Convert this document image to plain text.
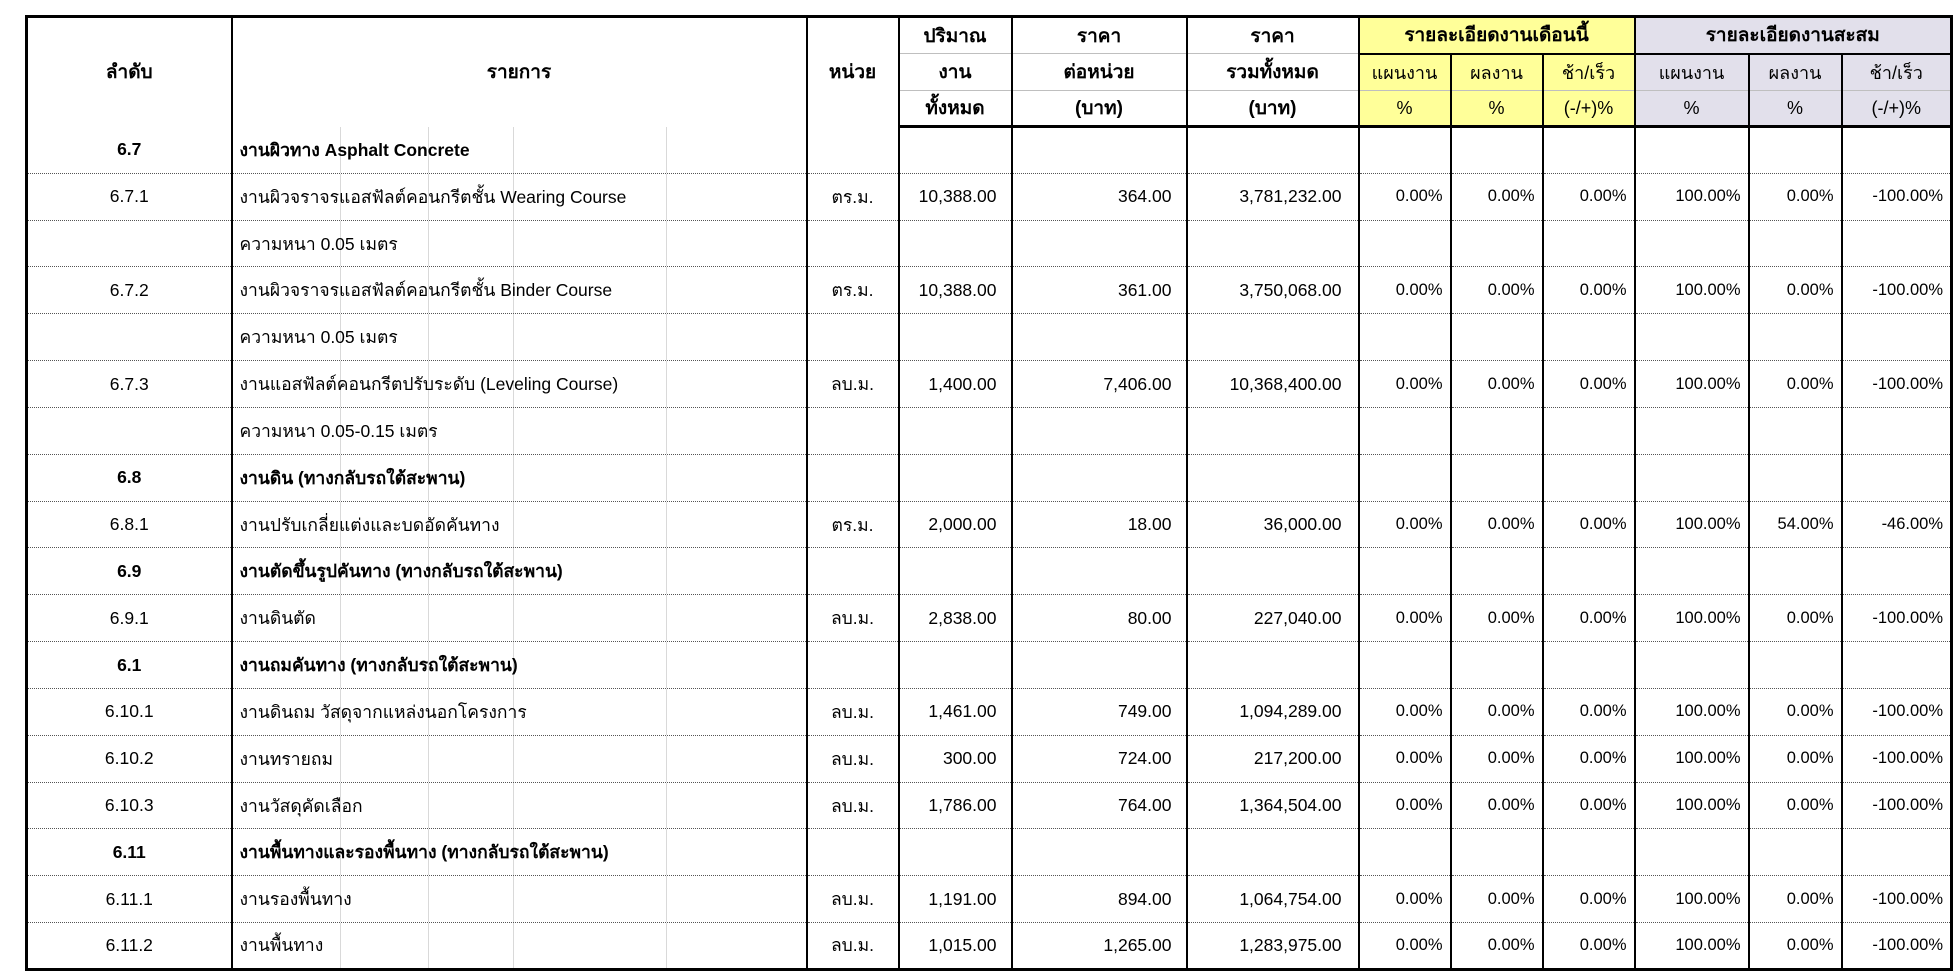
ลำดับ	รายการ	หน่วย	ปริมาณ	ราคา	ราคา	รายละเอียดงานเดือนนี้			รายละเอียดงานสะสม		
			งาน	ต่อหน่วย	รวมทั้งหมด	แผนงาน	ผลงาน	ช้า/เร็ว	แผนงาน	ผลงาน	ช้า/เร็ว
			ทั้งหมด	(บาท)	(บาท)	%	%	(-/+)%	%	%	(-/+)%
6.7	งานผิวทาง Asphalt Concrete										
6.7.1	งานผิวจราจรแอสฟัลต์คอนกรีตชั้น Wearing Course	ตร.ม.	10,388.00	364.00	3,781,232.00	0.00%	0.00%	0.00%	100.00%	0.00%	-100.00%
	ความหนา 0.05 เมตร										
6.7.2	งานผิวจราจรแอสฟัลต์คอนกรีตชั้น Binder Course	ตร.ม.	10,388.00	361.00	3,750,068.00	0.00%	0.00%	0.00%	100.00%	0.00%	-100.00%
	ความหนา 0.05 เมตร										
6.7.3	งานแอสฟัลต์คอนกรีตปรับระดับ (Leveling Course)	ลบ.ม.	1,400.00	7,406.00	10,368,400.00	0.00%	0.00%	0.00%	100.00%	0.00%	-100.00%
	ความหนา 0.05-0.15 เมตร										
6.8	งานดิน (ทางกลับรถใต้สะพาน)										
6.8.1	งานปรับเกลี่ยแต่งและบดอัดคันทาง	ตร.ม.	2,000.00	18.00	36,000.00	0.00%	0.00%	0.00%	100.00%	54.00%	-46.00%
6.9	งานตัดขึ้นรูปคันทาง (ทางกลับรถใต้สะพาน)										
6.9.1	งานดินตัด	ลบ.ม.	2,838.00	80.00	227,040.00	0.00%	0.00%	0.00%	100.00%	0.00%	-100.00%
6.1	งานถมคันทาง (ทางกลับรถใต้สะพาน)										
6.10.1	งานดินถม วัสดุจากแหล่งนอกโครงการ	ลบ.ม.	1,461.00	749.00	1,094,289.00	0.00%	0.00%	0.00%	100.00%	0.00%	-100.00%
6.10.2	งานทรายถม	ลบ.ม.	300.00	724.00	217,200.00	0.00%	0.00%	0.00%	100.00%	0.00%	-100.00%
6.10.3	งานวัสดุคัดเลือก	ลบ.ม.	1,786.00	764.00	1,364,504.00	0.00%	0.00%	0.00%	100.00%	0.00%	-100.00%
6.11	งานพื้นทางและรองพื้นทาง (ทางกลับรถใต้สะพาน)										
6.11.1	งานรองพื้นทาง	ลบ.ม.	1,191.00	894.00	1,064,754.00	0.00%	0.00%	0.00%	100.00%	0.00%	-100.00%
6.11.2	งานพื้นทาง	ลบ.ม.	1,015.00	1,265.00	1,283,975.00	0.00%	0.00%	0.00%	100.00%	0.00%	-100.00%
